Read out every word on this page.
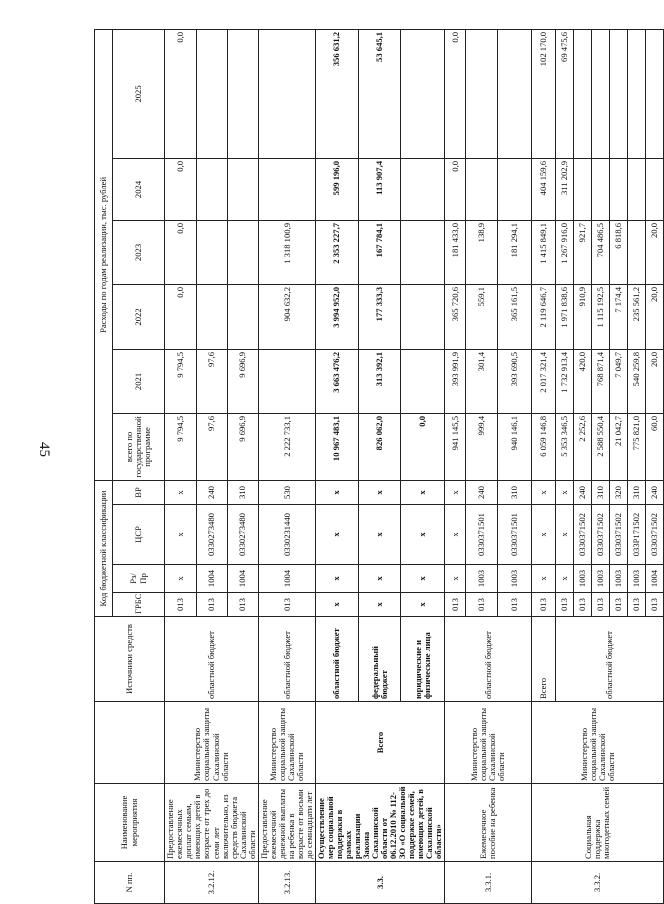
45
N пп.	Наименование мероприятия		Источники средств	Код бюджетной классификации				Расходы по годам реализации, тыс. рублей					
				ГРБС	Рз/ Пр	ЦСР	ВР	всего по государственной программе	2021	2022	2023	2024	2025
3.2.12.	Предоставление ежемесячных доплат семьям, имеющих детей в возрасте от трех до семи лет включительно, из средств бюджета Сахалинской области	Министерство социальной защиты Сахалинской области	областной бюджет	013	x	x	x	9 794,5	9 794,5	0,0	0,0	0,0	0,0
				013	1004	0330273480	240	97,6	97,6				
				013	1004	0330273480	310	9 696,9	9 696,9				
3.2.13.	Предоставление ежемесячной денежной выплаты на ребенка в возрасте от восьми до семнадцати лет	Министерство социальной защиты Сахалинской области	областной бюджет	013	1004	0330231440	530	2 222 733,1		904 632,2	1 318 100,9		
3.3.	Осуществление мер социальной поддержки в рамках реализации Закона Сахалинской области от 06.12.2010 № 112-ЗО «О социальной поддержке семей, имеющих детей, в Сахалинской области»	Всего	областной бюджет	x	x	x	x	10 967 483,1	3 663 476,2	3 994 952,0	2 353 227,7	599 196,0	356 631,2
			федеральный бюджет	x	x	x	x	826 062,0	313 392,1	177 333,3	167 784,1	113 907,4	53 645,1
			юридические и физические лица	x	x	x	x	0,0					
3.3.1.	Ежемесячное пособие на ребенка	Министерство социальной защиты Сахалинской области	областной бюджет	013	x	x	x	941 145,5	393 991,9	365 720,6	181 433,0	0,0	0,0
				013	1003	0330371501	240	999,4	301,4	559,1	138,9		
				013	1003	0330371501	310	940 146,1	393 690,5	365 161,5	181 294,1		
3.3.2.	Социальная поддержка многодетных семей	Министерство социальной защиты Сахалинской области	Всего	013	x	x	x	6 059 146,8	2 017 321,4	2 119 646,7	1 415 849,1	404 159,6	102 170,0
			областной бюджет	013	x	x	x	5 353 346,5	1 732 913,4	1 971 838,6	1 267 916,0	311 202,9	69 475,6
				013	1003	0330371502	240	2 252,6	420,0	910,9	921,7		
				013	1003	0330371502	310	2 588 550,4	768 871,4	1 115 192,5	704 486,5		
				013	1003	0330371502	320	21 042,7	7 049,7	7 174,4	6 818,6		
				013	1003	033P171502	310	775 821,0	540 259,8	235 561,2			
				013	1004	0330371502	240	60,0	20,0	20,0	20,0		
